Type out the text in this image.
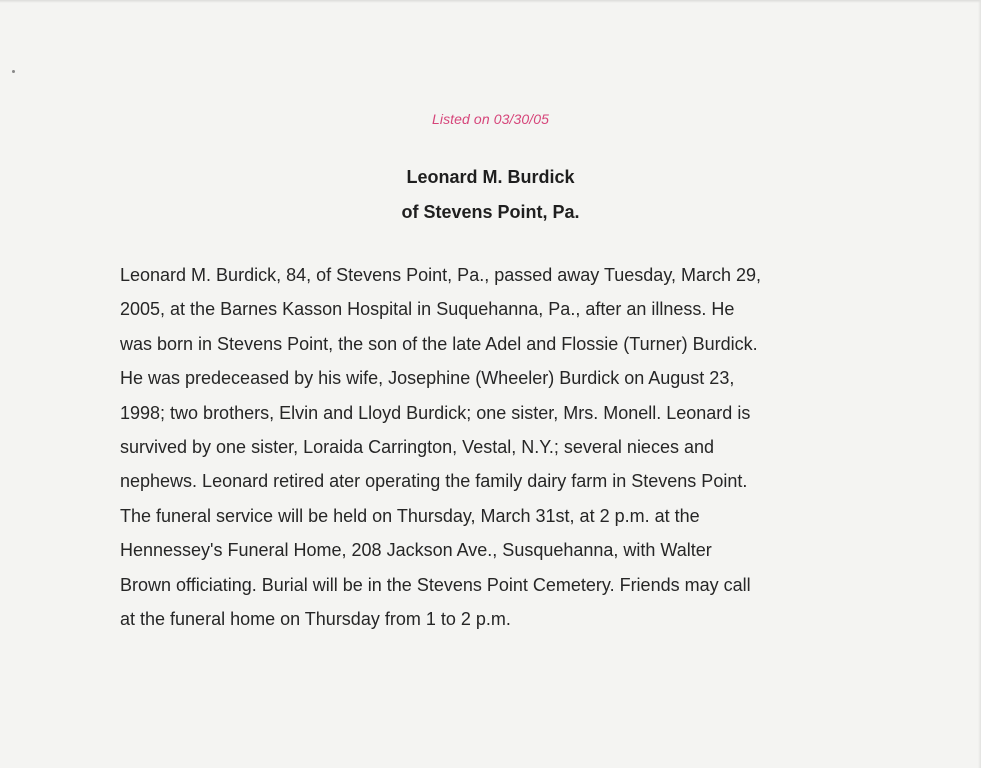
Listed on 03/30/05
Leonard M. Burdick
of Stevens Point, Pa.
Leonard M. Burdick, 84, of Stevens Point, Pa., passed away Tuesday, March 29,
2005, at the Barnes Kasson Hospital in Suquehanna, Pa., after an illness. He
was born in Stevens Point, the son of the late Adel and Flossie (Turner) Burdick.
He was predeceased by his wife, Josephine (Wheeler) Burdick on August 23,
1998; two brothers, Elvin and Lloyd Burdick; one sister, Mrs. Monell. Leonard is
survived by one sister, Loraida Carrington, Vestal, N.Y.; several nieces and
nephews. Leonard retired ater operating the family dairy farm in Stevens Point.
The funeral service will be held on Thursday, March 31st, at 2 p.m. at the
Hennessey's Funeral Home, 208 Jackson Ave., Susquehanna, with Walter
Brown officiating. Burial will be in the Stevens Point Cemetery. Friends may call
at the funeral home on Thursday from 1 to 2 p.m.
